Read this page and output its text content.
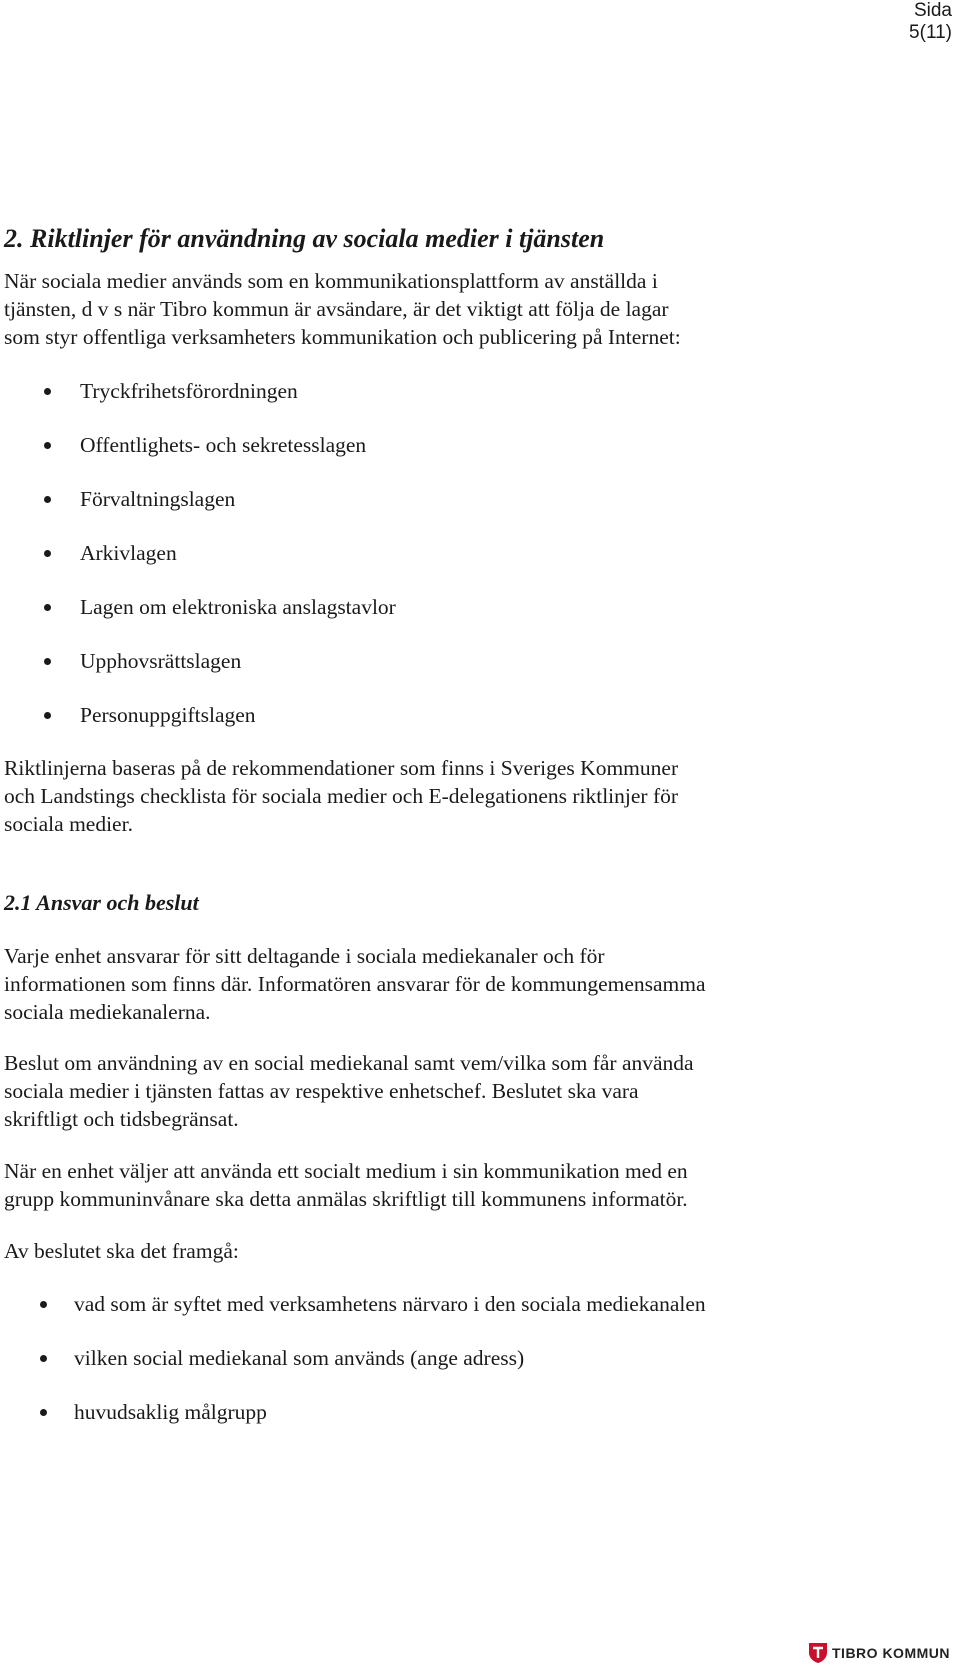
Sida
5(11)
2. Riktlinjer för användning av sociala medier i tjänsten

När sociala medier används som en kommunikationsplattform av anställda i
tjänsten, d v s när Tibro kommun är avsändare, är det viktigt att följa de lagar
som styr offentliga verksamheters kommunikation och publicering på Internet:

Tryckfrihetsförordningen
Offentlighets- och sekretesslagen
Förvaltningslagen
Arkivlagen
Lagen om elektroniska anslagstavlor
Upphovsrättslagen
Personuppgiftslagen

Riktlinjerna baseras på de rekommendationer som finns i Sveriges Kommuner
och Landstings checklista för sociala medier och E-delegationens riktlinjer för
sociala medier.

2.1 Ansvar och beslut

Varje enhet ansvarar för sitt deltagande i sociala mediekanaler och för
informationen som finns där. Informatören ansvarar för de kommungemensamma
sociala mediekanalerna.

Beslut om användning av en social mediekanal samt vem/vilka som får använda
sociala medier i tjänsten fattas av respektive enhetschef. Beslutet ska vara
skriftligt och tidsbegränsat.

När en enhet väljer att använda ett socialt medium i sin kommunikation med en
grupp kommuninvånare ska detta anmälas skriftligt till kommunens informatör.

Av beslutet ska det framgå:

vad som är syftet med verksamhetens närvaro i den sociala mediekanalen
vilken social mediekanal som används (ange adress)
huvudsaklig målgrupp
TIBRO KOMMUN
